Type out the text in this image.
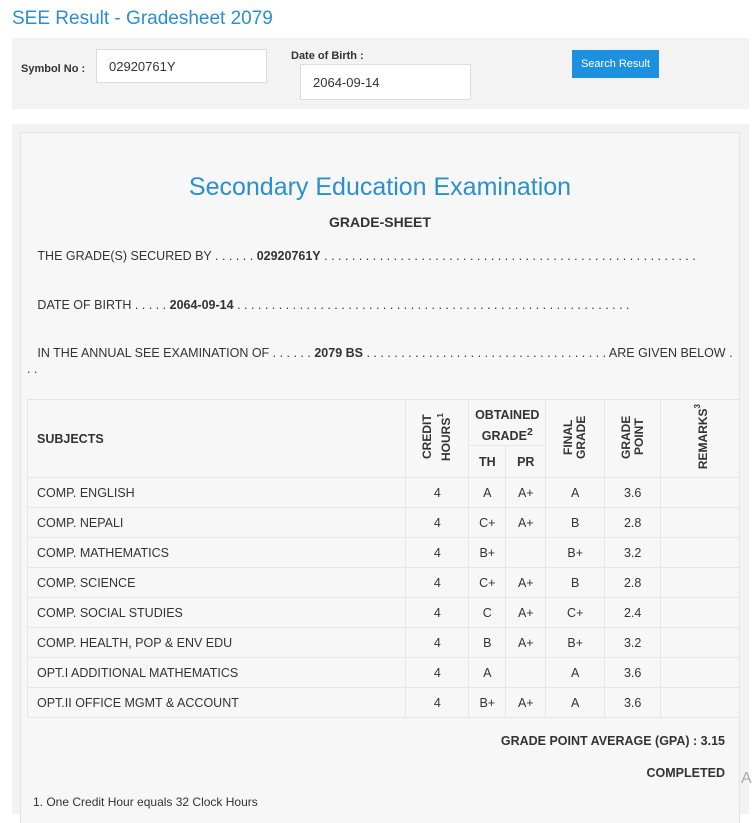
SEE Result - Gradesheet 2079
Symbol No :
02920761Y
Date of Birth :
2064-09-14
Search Result
Secondary Education Examination
GRADE-SHEET
THE GRADE(S) SECURED BY . . . . . . 02920761Y . . . . . . . . . . . . . . . . . . . . . . . . . . . . . . . . . . . . . . . . . . . . . . . . . . . . . .
DATE OF BIRTH . . . . . 2064-09-14 . . . . . . . . . . . . . . . . . . . . . . . . . . . . . . . . . . . . . . . . . . . . . . . . . . . . . . . . .
IN THE ANNUAL SEE EXAMINATION OF . . . . . . 2079 BS . . . . . . . . . . . . . . . . . . . . . . . . . . . . . . . . . . . ARE GIVEN BELOW . . .
SUBJECTS	CREDIT HOURS$^1$	OBTAINED GRADE$^2$		FINAL GRADE	GRADE POINT	REMARKS$^3$
		TH	PR			
COMP. ENGLISH	4	A	A+	A	3.6	
COMP. NEPALI	4	C+	A+	B	2.8	
COMP. MATHEMATICS	4	B+		B+	3.2	
COMP. SCIENCE	4	C+	A+	B	2.8	
COMP. SOCIAL STUDIES	4	C	A+	C+	2.4	
COMP. HEALTH, POP & ENV EDU	4	B	A+	B+	3.2	
OPT.I ADDITIONAL MATHEMATICS	4	A		A	3.6	
OPT.II OFFICE MGMT & ACCOUNT	4	B+	A+	A	3.6	
GRADE POINT AVERAGE (GPA) : 3.15
COMPLETED
1. One Credit Hour equals 32 Clock Hours
A
